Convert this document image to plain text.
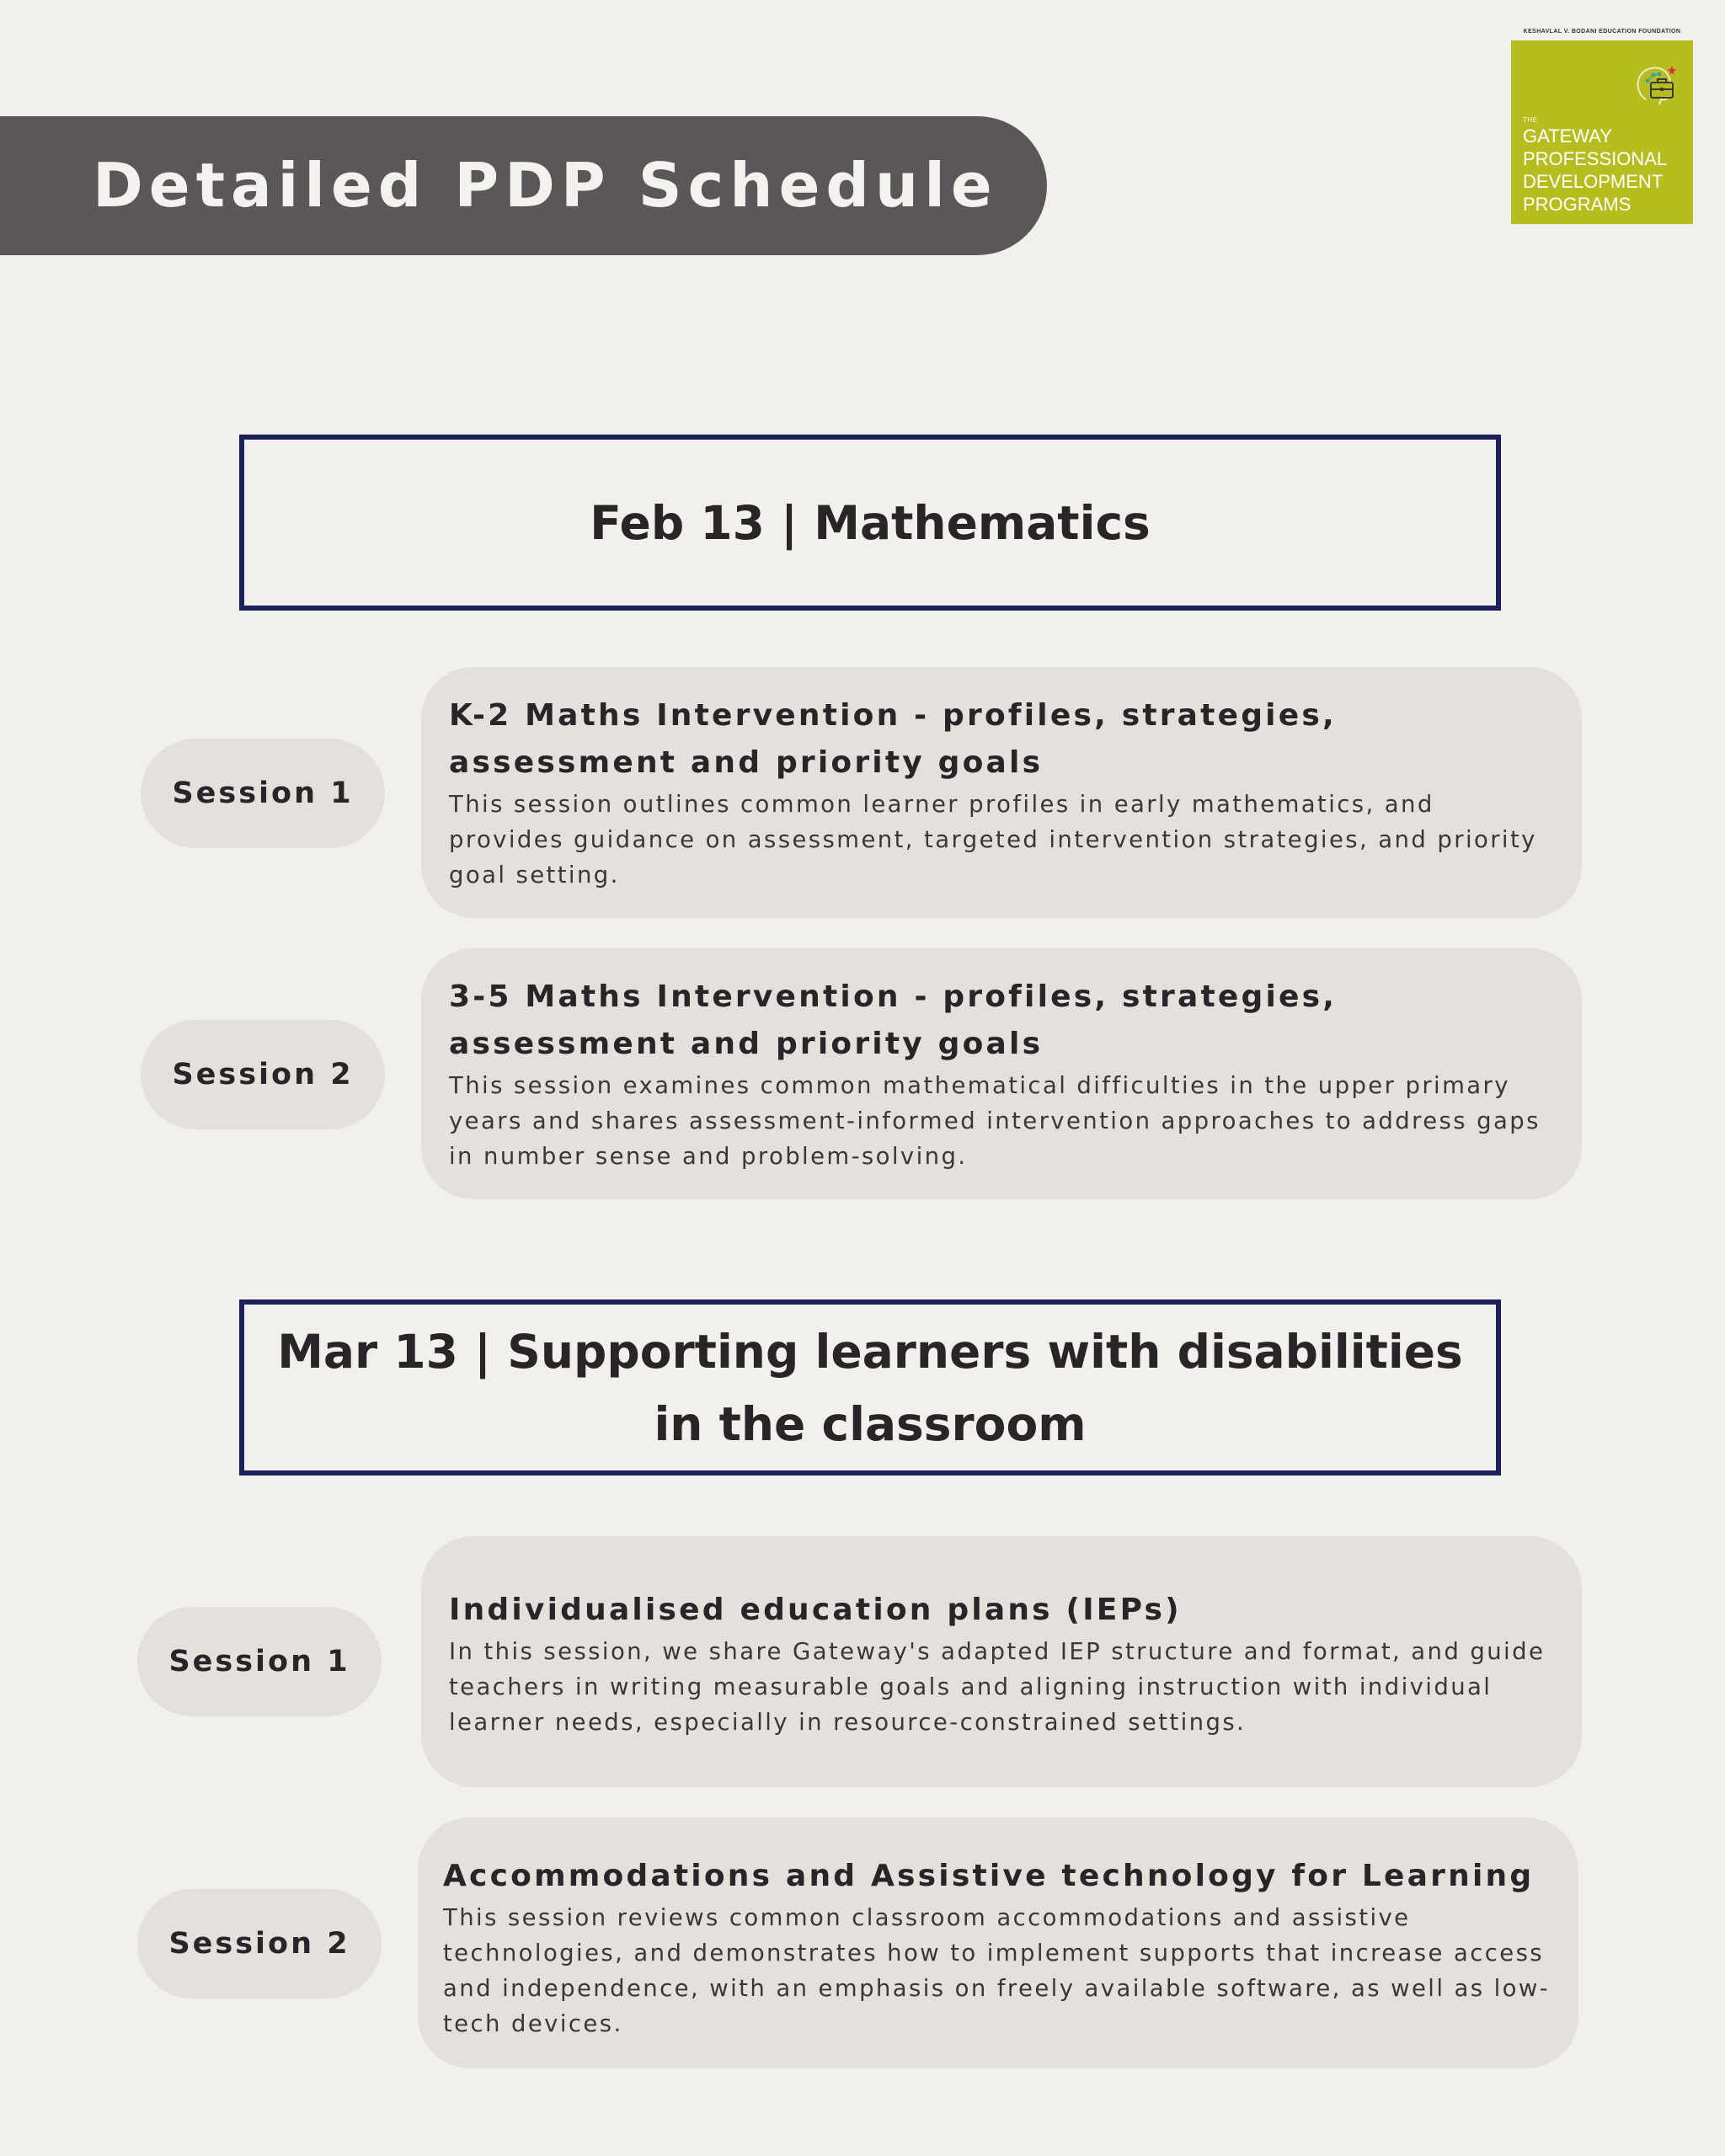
Detailed PDP Schedule
KESHAVLAL V. BODANI EDUCATION FOUNDATION
THE
GATEWAY
PROFESSIONAL
DEVELOPMENT
PROGRAMS
Feb 13 | Mathematics
Session 1
K-2 Maths Intervention - profiles, strategies, assessment and priority goals
This session outlines common learner profiles in early mathematics, and provides guidance on assessment, targeted intervention strategies, and priority goal setting.
Session 2
3-5 Maths Intervention - profiles, strategies, assessment and priority goals
This session examines common mathematical difficulties in the upper primary years and shares assessment-informed intervention approaches to address gaps in number sense and problem-solving.
Mar 13 | Supporting learners with disabilities in the classroom
Session 1
Individualised education plans (IEPs)
In this session, we share Gateway's adapted IEP structure and format, and guide teachers in writing measurable goals and aligning instruction with individual learner needs, especially in resource-constrained settings.
Session 2
Accommodations and Assistive technology for Learning
This session reviews common classroom accommodations and assistive technologies, and demonstrates how to implement supports that increase access and independence, with an emphasis on freely available software, as well as low-tech devices.
